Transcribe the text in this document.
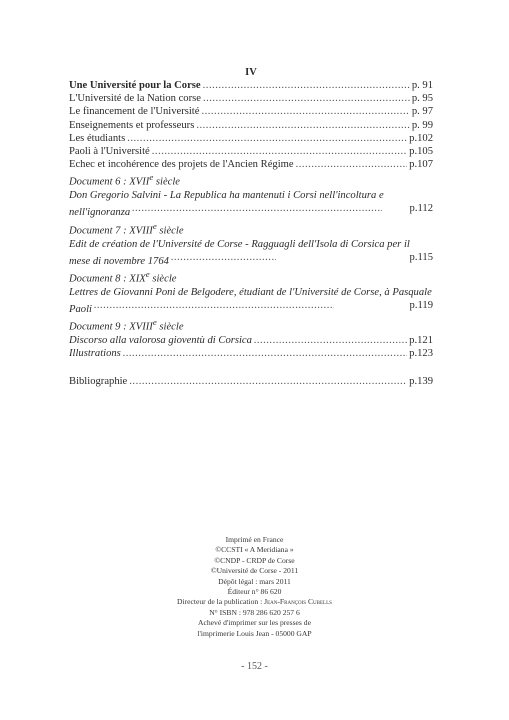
IV
Une Université pour la Corse .....	p. 91
L'Université de la Nation corse .....	p. 95
Le financement de l'Université .....	p. 97
Enseignements et professeurs .....	p. 99
Les étudiants .....	p.102
Paoli à l'Université .....	p.105
Echec et incohérence des projets de l'Ancien Régime .....	p.107
Document 6 : XVIIe siècle
Don Gregorio Salvini - La Republica ha mantenuti i Corsi nell'incoltura e nell'ignoranza .....	p.112
Document 7 : XVIIIe siècle
Edit de création de l'Université de Corse - Ragguagli dell'Isola di Corsica per il mese di novembre 1764 .....	p.115
Document 8 : XIXe siècle
Lettres de Giovanni Poni de Belgodere, étudiant de l'Université de Corse, à Pasquale Paoli .....	p.119
Document 9 : XVIIIe siècle
Discorso alla valorosa gioventù di Corsica .....	p.121
Illustrations .....	p.123
Bibliographie .....	p.139
Imprimé en France
©CCSTI « A Meridiana »
©CNDP - CRDP de Corse
©Université de Corse - 2011
Dépôt légal : mars 2011
Éditeur n° 86 620
Directeur de la publication : Jean-François Cubells
N° ISBN : 978 286 620 257 6
Achevé d'imprimer sur les presses de
l'imprimerie Louis Jean - 05000 GAP
- 152 -
